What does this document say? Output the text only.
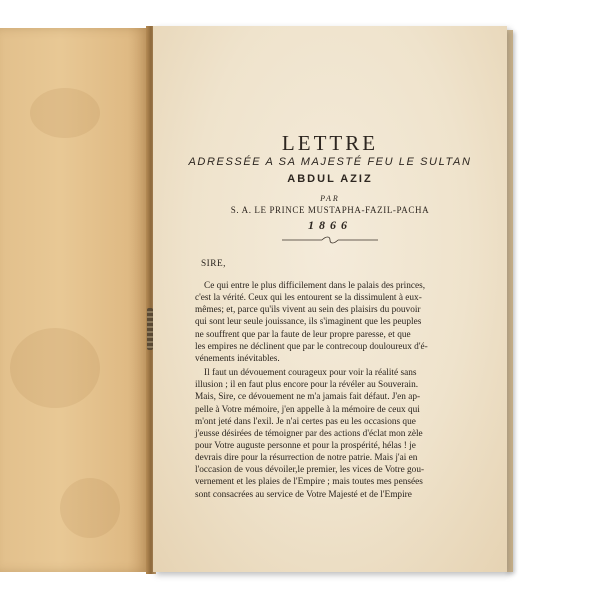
LETTRE
ADRESSÉE A SA MAJESTÉ FEU LE SULTAN
ABDUL AZIZ
PAR
S. A. LE PRINCE MUSTAPHA-FAZIL-PACHA
1866
SIRE,
Ce qui entre le plus difficilement dans le palais des princes,
c'est la vérité. Ceux qui les entourent se la dissimulent à eux-
mêmes; et, parce qu'ils vivent au sein des plaisirs du pouvoir
qui sont leur seule jouissance, ils s'imaginent que les peuples
ne souffrent que par la faute de leur propre paresse, et que
les empires ne déclinent que par le contrecoup douloureux d'é-
vénements inévitables.
Il faut un dévouement courageux pour voir la réalité sans
illusion ; il en faut plus encore pour la révéler au Souverain.
Mais, Sire, ce dévouement ne m'a jamais fait défaut. J'en ap-
pelle à Votre mémoire, j'en appelle à la mémoire de ceux qui
m'ont jeté dans l'exil. Je n'ai certes pas eu les occasions que
j'eusse désirées de témoigner par des actions d'éclat mon zèle
pour Votre auguste personne et pour la prospérité, hélas ! je
devrais dire pour la résurrection de notre patrie. Mais j'ai en
l'occasion de vous dévoiler,le premier, les vices de Votre gou-
vernement et les plaies de l'Empire ; mais toutes mes pensées
sont consacrées au service de Votre Majesté et de l'Empire
